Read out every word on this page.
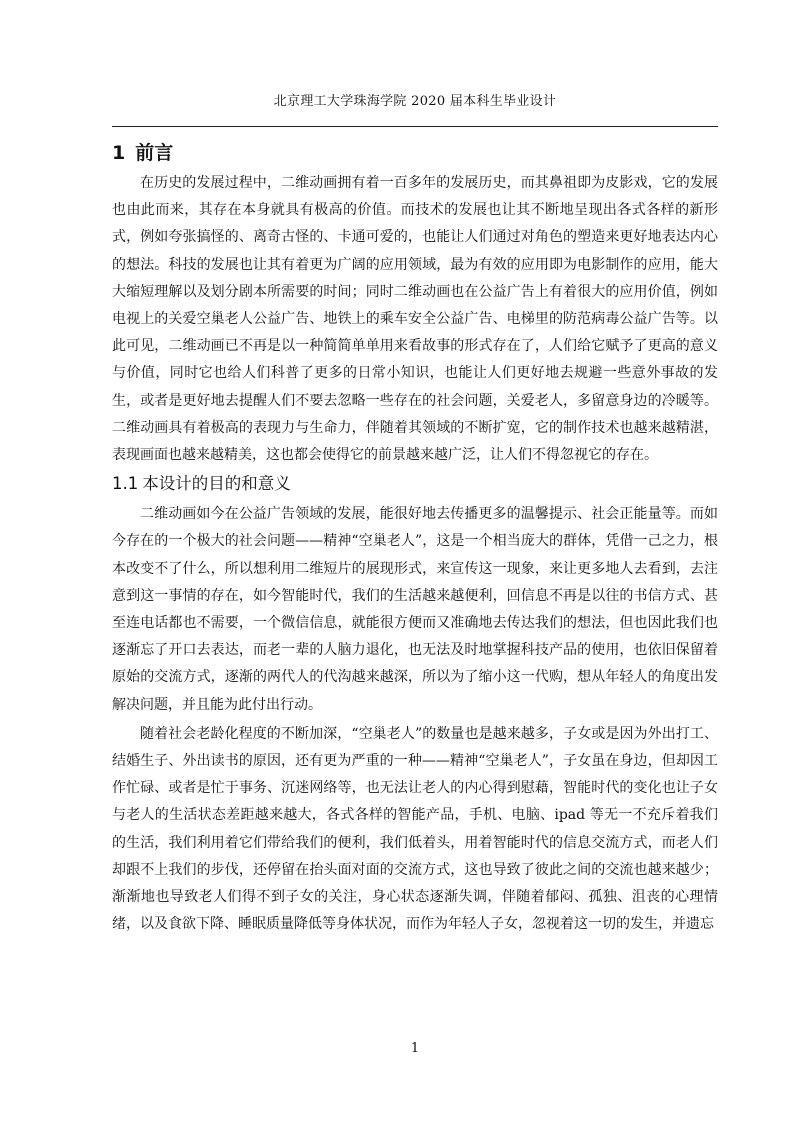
北京理工大学珠海学院 2020 届本科生毕业设计
1 前言

在历史的发展过程中，二维动画拥有着一百多年的发展历史，而其鼻祖即为皮影戏，它的发展也由此而来，其存在本身就具有极高的价值。而技术的发展也让其不断地呈现出各式各样的新形式，例如夸张搞怪的、离奇古怪的、卡通可爱的，也能让人们通过对角色的塑造来更好地表达内心的想法。科技的发展也让其有着更为广阔的应用领域，最为有效的应用即为电影制作的应用，能大大缩短理解以及划分剧本所需要的时间；同时二维动画也在公益广告上有着很大的应用价值，例如电视上的关爱空巢老人公益广告、地铁上的乘车安全公益广告、电梯里的防范病毒公益广告等。以此可见，二维动画已不再是以一种简简单单用来看故事的形式存在了，人们给它赋予了更高的意义与价值，同时它也给人们科普了更多的日常小知识，也能让人们更好地去规避一些意外事故的发生，或者是更好地去提醒人们不要去忽略一些存在的社会问题，关爱老人，多留意身边的冷暖等。二维动画具有着极高的表现力与生命力，伴随着其领域的不断扩宽，它的制作技术也越来越精湛，表现画面也越来越精美，这也都会使得它的前景越来越广泛，让人们不得忽视它的存在。

1.1 本设计的目的和意义

二维动画如今在公益广告领域的发展，能很好地去传播更多的温馨提示、社会正能量等。而如今存在的一个极大的社会问题——精神“空巢老人”，这是一个相当庞大的群体，凭借一己之力，根本改变不了什么，所以想利用二维短片的展现形式，来宣传这一现象，来让更多地人去看到，去注意到这一事情的存在，如今智能时代，我们的生活越来越便利，回信息不再是以往的书信方式、甚至连电话都也不需要，一个微信信息，就能很方便而又准确地去传达我们的想法，但也因此我们也逐渐忘了开口去表达，而老一辈的人脑力退化，也无法及时地掌握科技产品的使用，也依旧保留着原始的交流方式，逐渐的两代人的代沟越来越深，所以为了缩小这一代购，想从年轻人的角度出发解决问题，并且能为此付出行动。

随着社会老龄化程度的不断加深，“空巢老人”的数量也是越来越多，子女或是因为外出打工、结婚生子、外出读书的原因，还有更为严重的一种——精神“空巢老人”，子女虽在身边，但却因工作忙碌、或者是忙于事务、沉迷网络等，也无法让老人的内心得到慰藉，智能时代的变化也让子女与老人的生活状态差距越来越大，各式各样的智能产品，手机、电脑、ipad 等无一不充斥着我们的生活，我们利用着它们带给我们的便利，我们低着头，用着智能时代的信息交流方式，而老人们却跟不上我们的步伐，还停留在抬头面对面的交流方式，这也导致了彼此之间的交流也越来越少；渐渐地也导致老人们得不到子女的关注，身心状态逐渐失调，伴随着郁闷、孤独、沮丧的心理情绪，以及食欲下降、睡眠质量降低等身体状况，而作为年轻人子女，忽视着这一切的发生，并遗忘

1
